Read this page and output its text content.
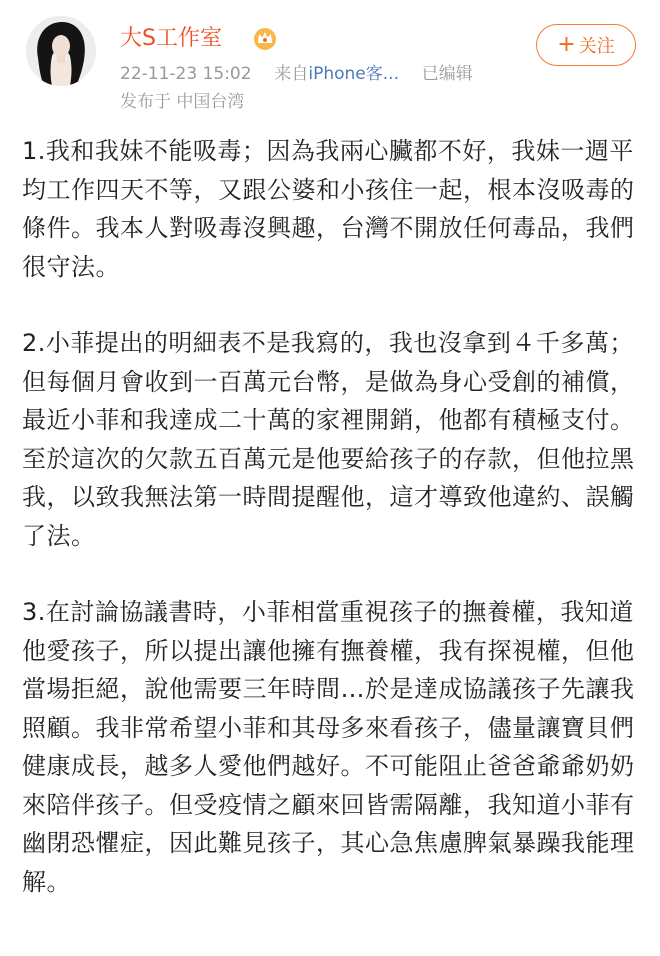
大S工作室
22-11-23 15:02 来自iPhone客... 已编辑
发布于 中国台湾
+ 关注

1.我和我妹不能吸毒；因為我兩心臟都不好，我妹一週平均工作四天不等，又跟公婆和小孩住一起，根本沒吸毒的條件。我本人對吸毒沒興趣，台灣不開放任何毒品，我們很守法。

2.小菲提出的明細表不是我寫的，我也沒拿到４千多萬；但每個月會收到一百萬元台幣，是做為身心受創的補償，最近小菲和我達成二十萬的家裡開銷，他都有積極支付。至於這次的欠款五百萬元是他要給孩子的存款，但他拉黑我，以致我無法第一時間提醒他，這才導致他違約、誤觸了法。

3.在討論協議書時，小菲相當重視孩子的撫養權，我知道他愛孩子，所以提出讓他擁有撫養權，我有探視權，但他當場拒絕，說他需要三年時間…於是達成協議孩子先讓我照顧。我非常希望小菲和其母多來看孩子，儘量讓寶貝們健康成長，越多人愛他們越好。不可能阻止爸爸爺爺奶奶來陪伴孩子。但受疫情之顧來回皆需隔離，我知道小菲有幽閉恐懼症，因此難見孩子，其心急焦慮脾氣暴躁我能理解。
